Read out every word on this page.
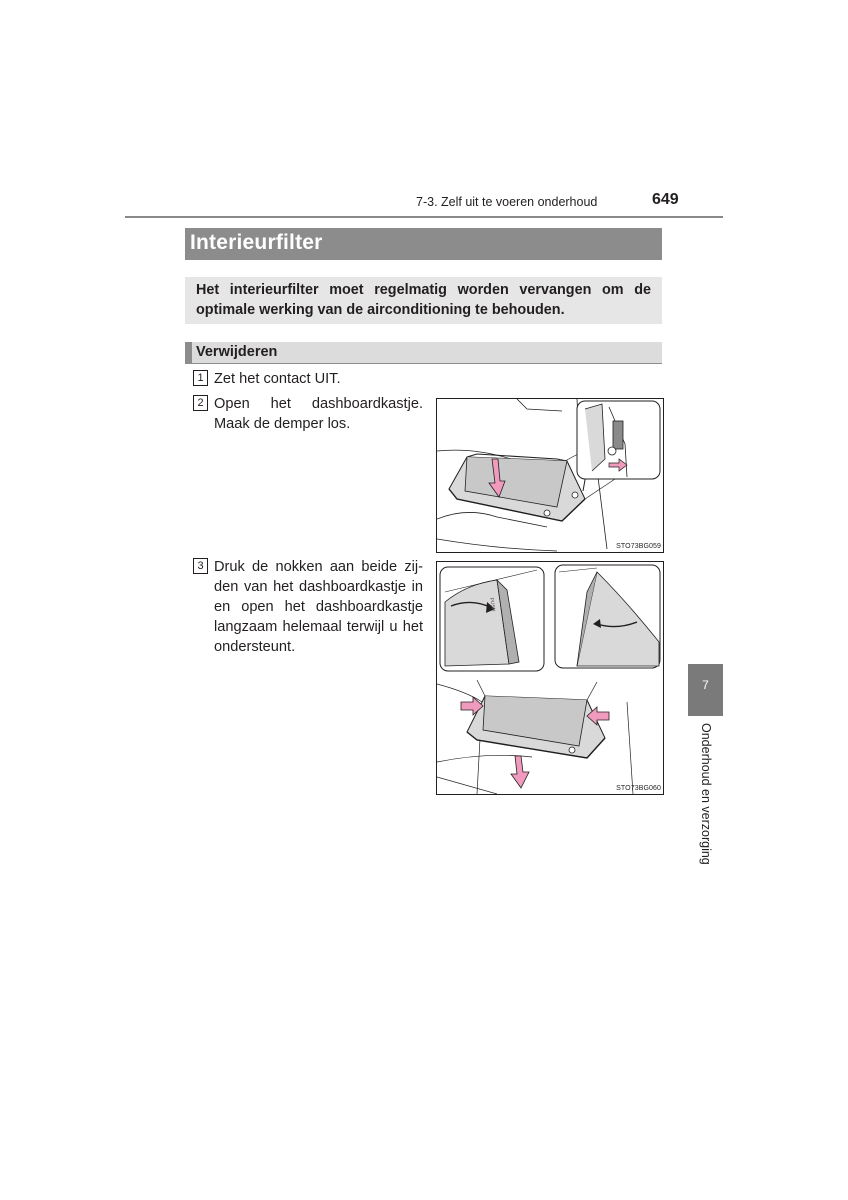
7-3. Zelf uit te voeren onderhoud	649
Interieurfilter

Het interieurfilter moet regelmatig worden vervangen om de optimale werking van de airconditioning te behouden.

Verwijderen
1 Zet het contact UIT.
2 Open het dashboardkastje. Maak de demper los.
3 Druk de nokken aan beide zij-den van het dashboardkastje in en open het dashboardkastje langzaam helemaal terwijl u het ondersteunt.
STO73BG059
PUSH
STO73BG060
7
Onderhoud en verzorging
